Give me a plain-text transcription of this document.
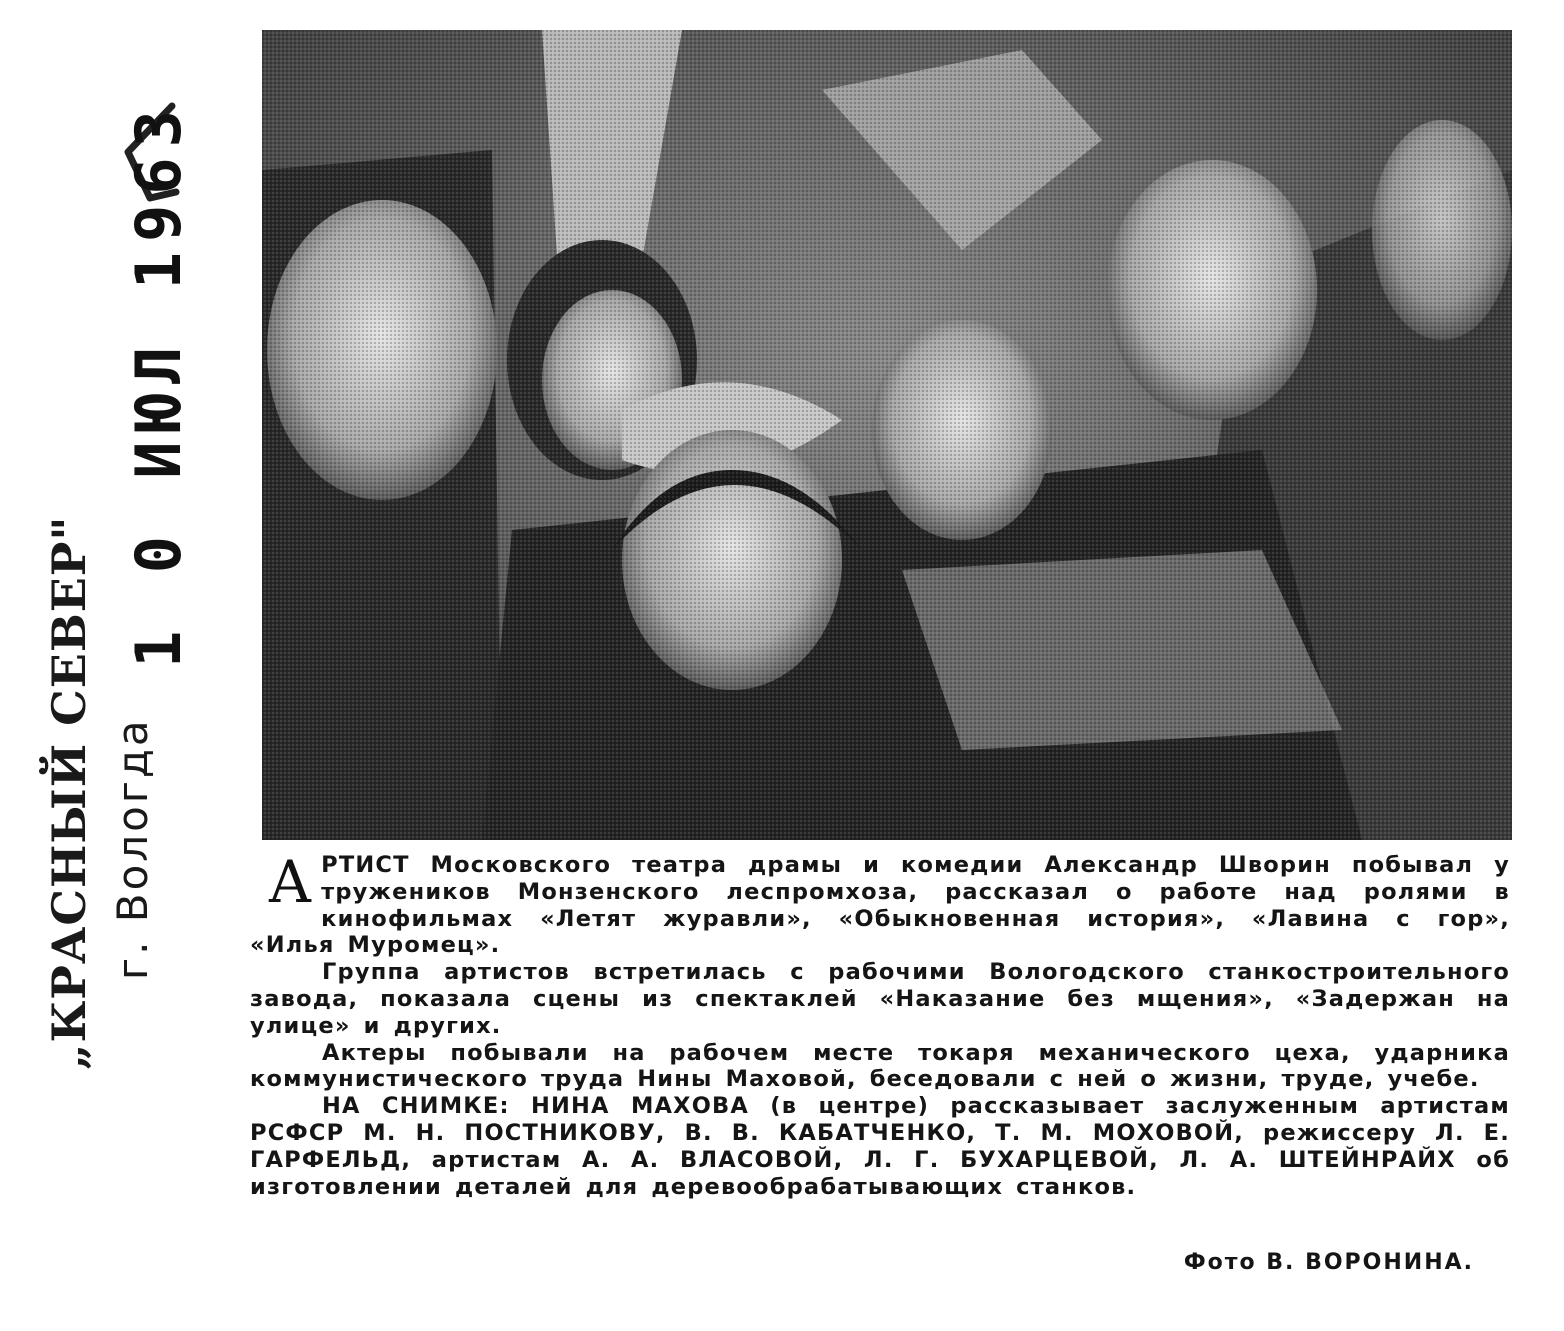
„КРАСНЫЙ СЕВЕР" г. Вологда
1 0 ИЮЛ 1963

АРТИСТ Московского театра драмы и комедии Александр Шворин побывал у тружеников Монзенского леспромхоза, рассказал о работе над ролями в кинофильмах «Летят журавли», «Обыкновенная история», «Лавина с гор», «Илья Муромец».

Группа артистов встретилась с рабочими Вологодского станкостроительного завода, показала сцены из спектаклей «Наказание без мщения», «Задержан на улице» и других.

Актеры побывали на рабочем месте токаря механического цеха, ударника коммунистического труда Нины Маховой, беседовали с ней о жизни, труде, учебе.

НА СНИМКЕ: НИНА МАХОВА (в центре) рассказывает заслуженным артистам РСФСР М. Н. ПОСТНИКОВУ, В. В. КАБАТЧЕНКО, Т. М. МОХОВОЙ, режиссеру Л. Е. ГАРФЕЛЬД, артистам А. А. ВЛАСОВОЙ, Л. Г. БУХАРЦЕВОЙ, Л. А. ШТЕЙНРАЙХ об изготовлении деталей для деревообрабатывающих станков.

Фото В. ВОРОНИНА.
